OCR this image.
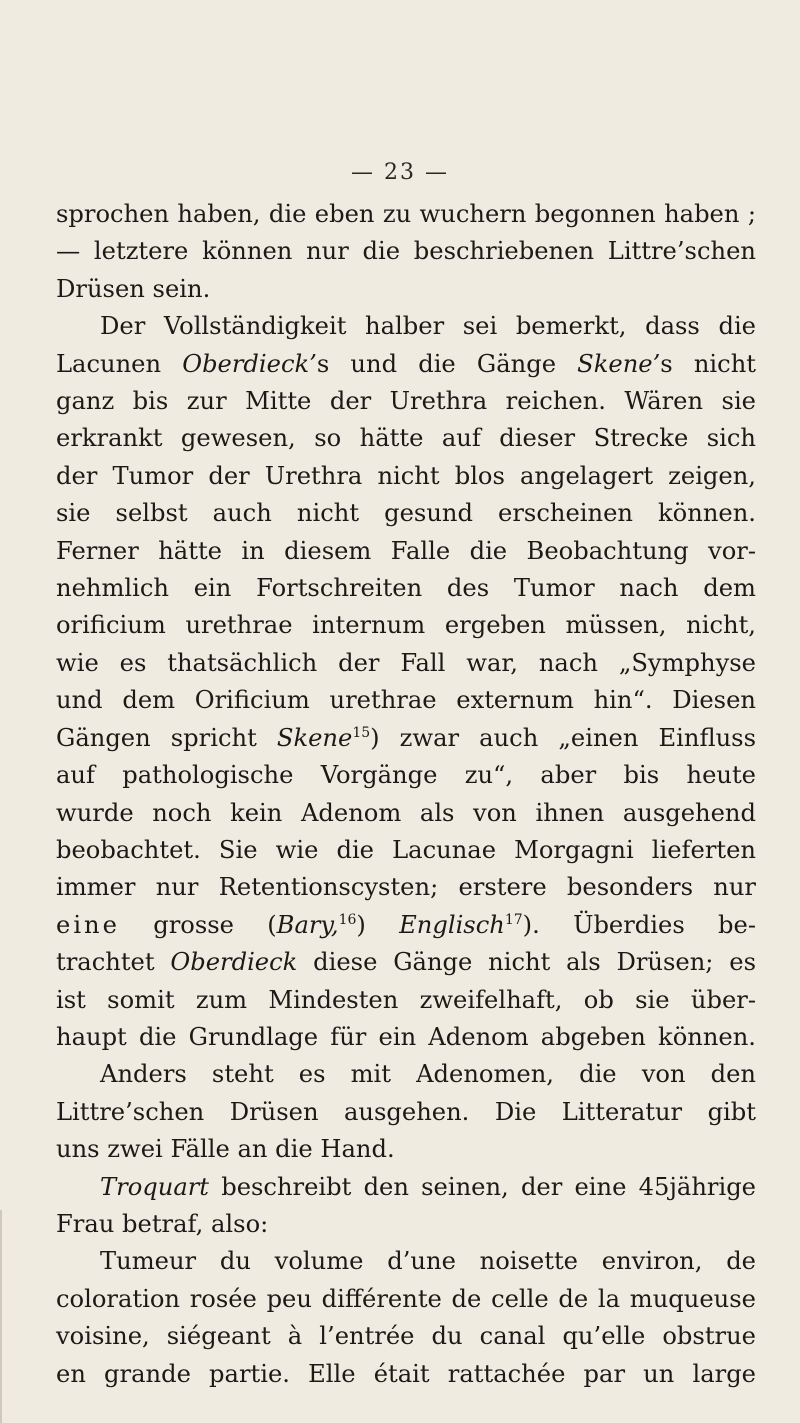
— 23 —
sprochen haben, die eben zu wuchern begonnen haben ;
— letztere können nur die beschriebenen Littre’schen
Drüsen sein.
Der Vollständigkeit halber sei bemerkt, dass die
Lacunen Oberdieck’s und die Gänge Skene’s nicht
ganz bis zur Mitte der Urethra reichen. Wären sie
erkrankt gewesen, so hätte auf dieser Strecke sich
der Tumor der Urethra nicht blos angelagert zeigen,
sie selbst auch nicht gesund erscheinen können.
Ferner hätte in diesem Falle die Beobachtung vor-
nehmlich ein Fortschreiten des Tumor nach dem
orificium urethrae internum ergeben müssen, nicht,
wie es thatsächlich der Fall war, nach „Symphyse
und dem Orificium urethrae externum hin“. Diesen
Gängen spricht Skene$^{15}$) zwar auch „einen Einfluss
auf pathologische Vorgänge zu“, aber bis heute
wurde noch kein Adenom als von ihnen ausgehend
beobachtet. Sie wie die Lacunae Morgagni lieferten
immer nur Retentionscysten; erstere besonders nur
eine grosse (Bary,$^{16}$) Englisch$^{17}$). Überdies be-
trachtet Oberdieck diese Gänge nicht als Drüsen; es
ist somit zum Mindesten zweifelhaft, ob sie über-
haupt die Grundlage für ein Adenom abgeben können.
Anders steht es mit Adenomen, die von den
Littre’schen Drüsen ausgehen. Die Litteratur gibt
uns zwei Fälle an die Hand.
Troquart beschreibt den seinen, der eine 45jährige
Frau betraf, also:
Tumeur du volume d’une noisette environ, de
coloration rosée peu différente de celle de la muqueuse
voisine, siégeant à l’entrée du canal qu’elle obstrue
en grande partie. Elle était rattachée par un large
